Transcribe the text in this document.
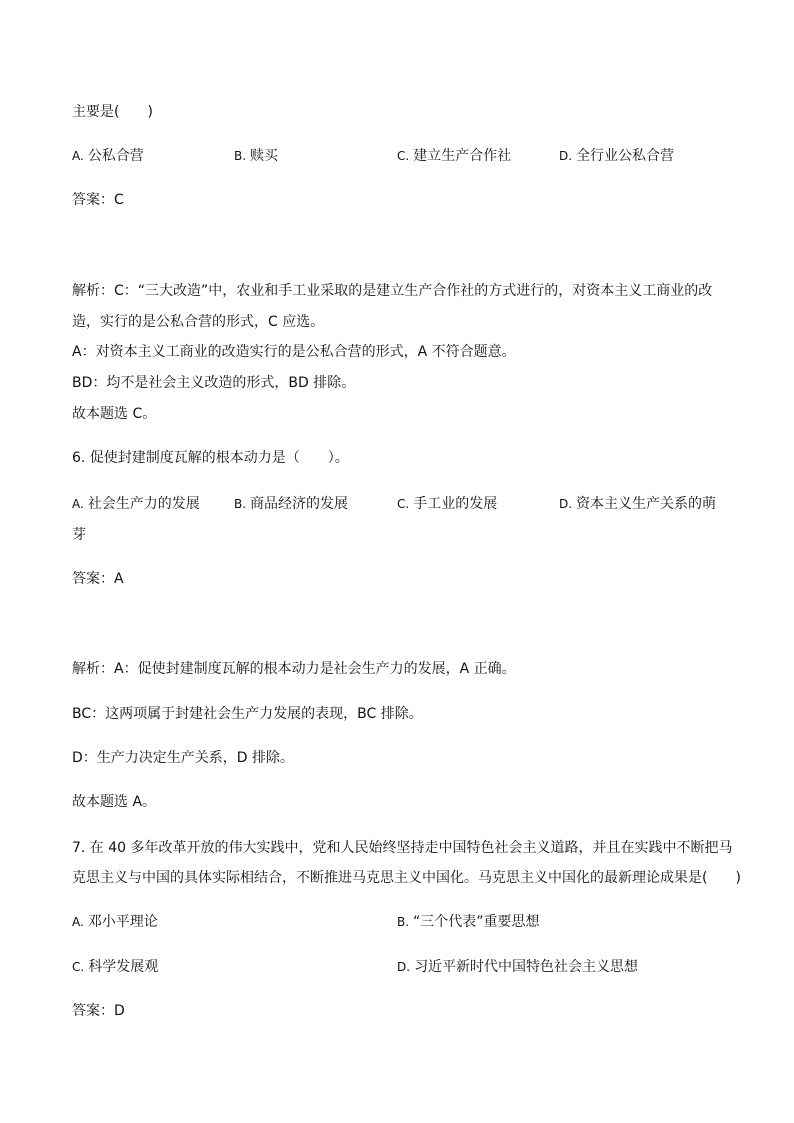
主要是(　　)
A. 公私合营	B. 赎买	C. 建立生产合作社	D. 全行业公私合营
答案：C
解析：C：“三大改造”中，农业和手工业采取的是建立生产合作社的方式进行的，对资本主义工商业的改
造，实行的是公私合营的形式，C 应选。
A：对资本主义工商业的改造实行的是公私合营的形式，A 不符合题意。
BD：均不是社会主义改造的形式，BD 排除。
故本题选 C。
6. 促使封建制度瓦解的根本动力是（　　）。
A. 社会生产力的发展	B. 商品经济的发展	C. 手工业的发展	D. 资本主义生产关系的萌
芽
答案：A
解析：A：促使封建制度瓦解的根本动力是社会生产力的发展，A 正确。
BC：这两项属于封建社会生产力发展的表现，BC 排除。
D：生产力决定生产关系，D 排除。
故本题选 A。
7. 在 40 多年改革开放的伟大实践中，党和人民始终坚持走中国特色社会主义道路，并且在实践中不断把马
克思主义与中国的具体实际相结合，不断推进马克思主义中国化。马克思主义中国化的最新理论成果是(　　)
A. 邓小平理论	B. “三个代表”重要思想
C. 科学发展观	D. 习近平新时代中国特色社会主义思想
答案：D
